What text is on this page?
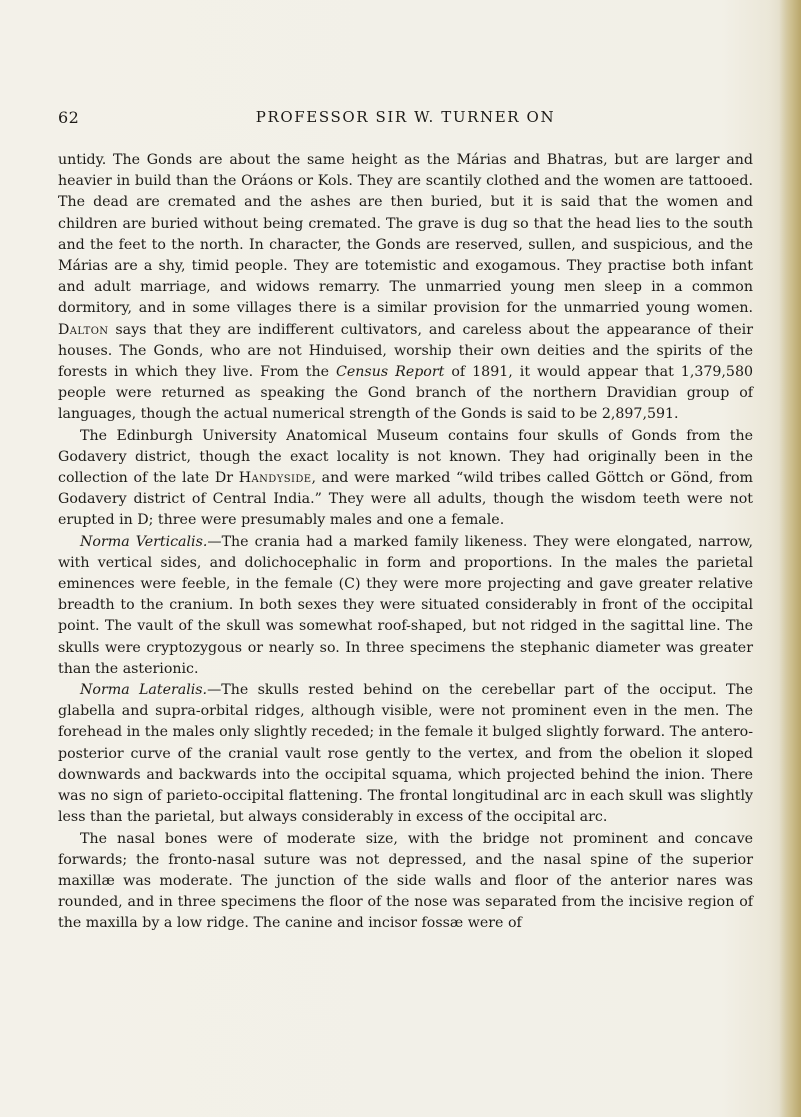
62	PROFESSOR SIR W. TURNER ON

untidy. The Gonds are about the same height as the Márias and Bhatras, but are larger and heavier in build than the Oráons or Kols. They are scantily clothed and the women are tattooed. The dead are cremated and the ashes are then buried, but it is said that the women and children are buried without being cremated. The grave is dug so that the head lies to the south and the feet to the north. In character, the Gonds are reserved, sullen, and suspicious, and the Márias are a shy, timid people. They are totemistic and exogamous. They practise both infant and adult marriage, and widows remarry. The unmarried young men sleep in a common dormitory, and in some villages there is a similar provision for the unmarried young women. Dalton says that they are indifferent cultivators, and careless about the appearance of their houses. The Gonds, who are not Hinduised, worship their own deities and the spirits of the forests in which they live. From the Census Report of 1891, it would appear that 1,379,580 people were returned as speaking the Gond branch of the northern Dravidian group of languages, though the actual numerical strength of the Gonds is said to be 2,897,591.

The Edinburgh University Anatomical Museum contains four skulls of Gonds from the Godavery district, though the exact locality is not known. They had originally been in the collection of the late Dr Handyside, and were marked “wild tribes called Göttch or Gönd, from Godavery district of Central India.” They were all adults, though the wisdom teeth were not erupted in D; three were presumably males and one a female.

Norma Verticalis.—The crania had a marked family likeness. They were elongated, narrow, with vertical sides, and dolichocephalic in form and proportions. In the males the parietal eminences were feeble, in the female (C) they were more projecting and gave greater relative breadth to the cranium. In both sexes they were situated considerably in front of the occipital point. The vault of the skull was somewhat roof-shaped, but not ridged in the sagittal line. The skulls were cryptozygous or nearly so. In three specimens the stephanic diameter was greater than the asterionic.

Norma Lateralis.—The skulls rested behind on the cerebellar part of the occiput. The glabella and supra-orbital ridges, although visible, were not prominent even in the men. The forehead in the males only slightly receded; in the female it bulged slightly forward. The antero-posterior curve of the cranial vault rose gently to the vertex, and from the obelion it sloped downwards and backwards into the occipital squama, which projected behind the inion. There was no sign of parieto-occipital flattening. The frontal longitudinal arc in each skull was slightly less than the parietal, but always considerably in excess of the occipital arc.

The nasal bones were of moderate size, with the bridge not prominent and concave forwards; the fronto-nasal suture was not depressed, and the nasal spine of the superior maxillæ was moderate. The junction of the side walls and floor of the anterior nares was rounded, and in three specimens the floor of the nose was separated from the incisive region of the maxilla by a low ridge. The canine and incisor fossæ were of
